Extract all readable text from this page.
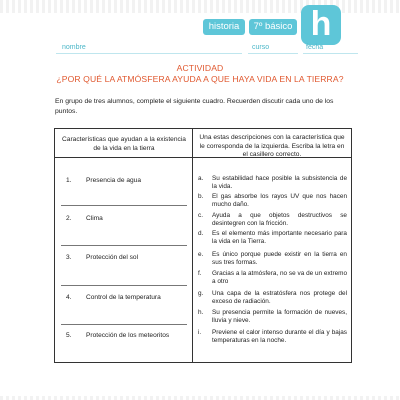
historia	7º básico h
nombre	curso	fecha
ACTIVIDAD
¿POR QUÉ LA ATMÓSFERA AYUDA A QUE HAYA VIDA EN LA TIERRA?
En grupo de tres alumnos, complete el siguiente cuadro. Recuerden discutir cada uno de los puntos.
Características que ayudan a la existencia de la vida en la tierra
Una estas descripciones con la característica que le corresponda de la izquierda. Escriba la letra en el casillero correcto.
1. Presencia de agua
2. Clima
3. Protección del sol
4. Control de la temperatura
5. Protección de los meteoritos
a. Su estabilidad hace posible la subsistencia de la vida.
b. El gas absorbe los rayos UV que nos hacen mucho daño.
c. Ayuda a que objetos destructivos se desintegren con la fricción.
d. Es el elemento más importante necesario para la vida en la Tierra.
e. Es único porque puede existir en la tierra en sus tres formas.
f. Gracias a la atmósfera, no se va de un extremo a otro
g. Una capa de la estratósfera nos protege del exceso de radiación.
h. Su presencia permite la formación de nueves, lluvia y nieve.
i. Previene el calor intenso durante el día y bajas temperaturas en la noche.
